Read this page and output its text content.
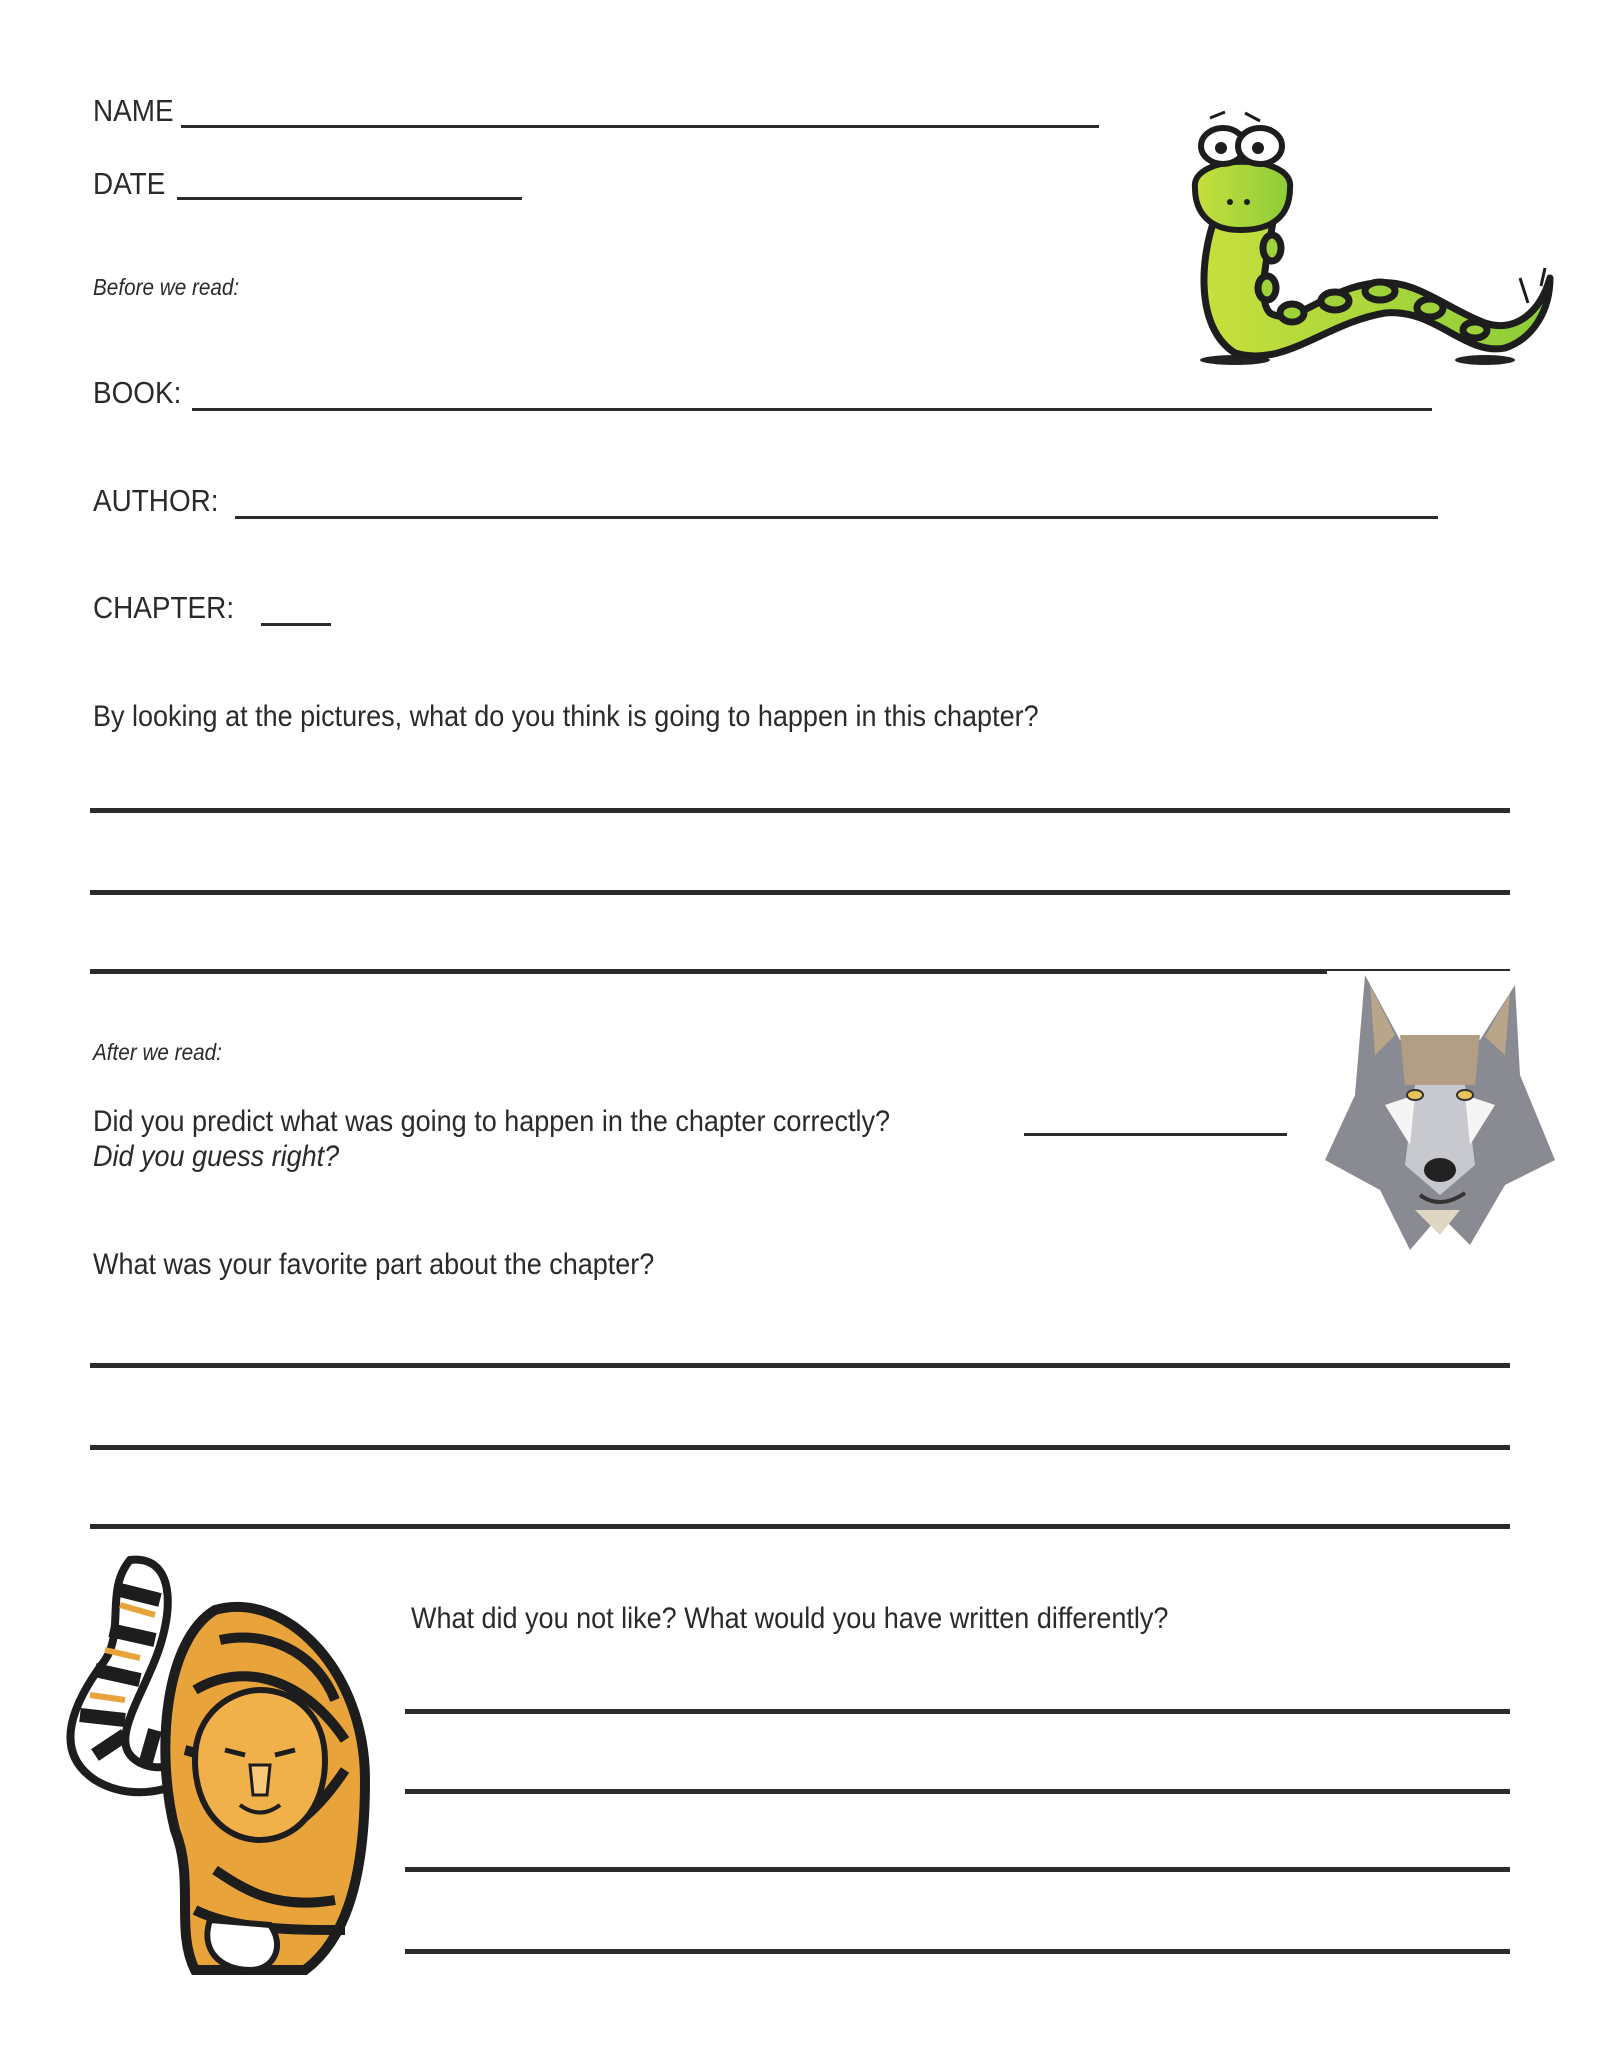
NAME
DATE
Before we read:
BOOK:
AUTHOR:
CHAPTER:
By looking at the pictures, what do you think is going to happen in this chapter?
After we read:
Did you predict what was going to happen in the chapter correctly?
Did you guess right?
What was your favorite part about the chapter?
What did you not like? What would you have written differently?
